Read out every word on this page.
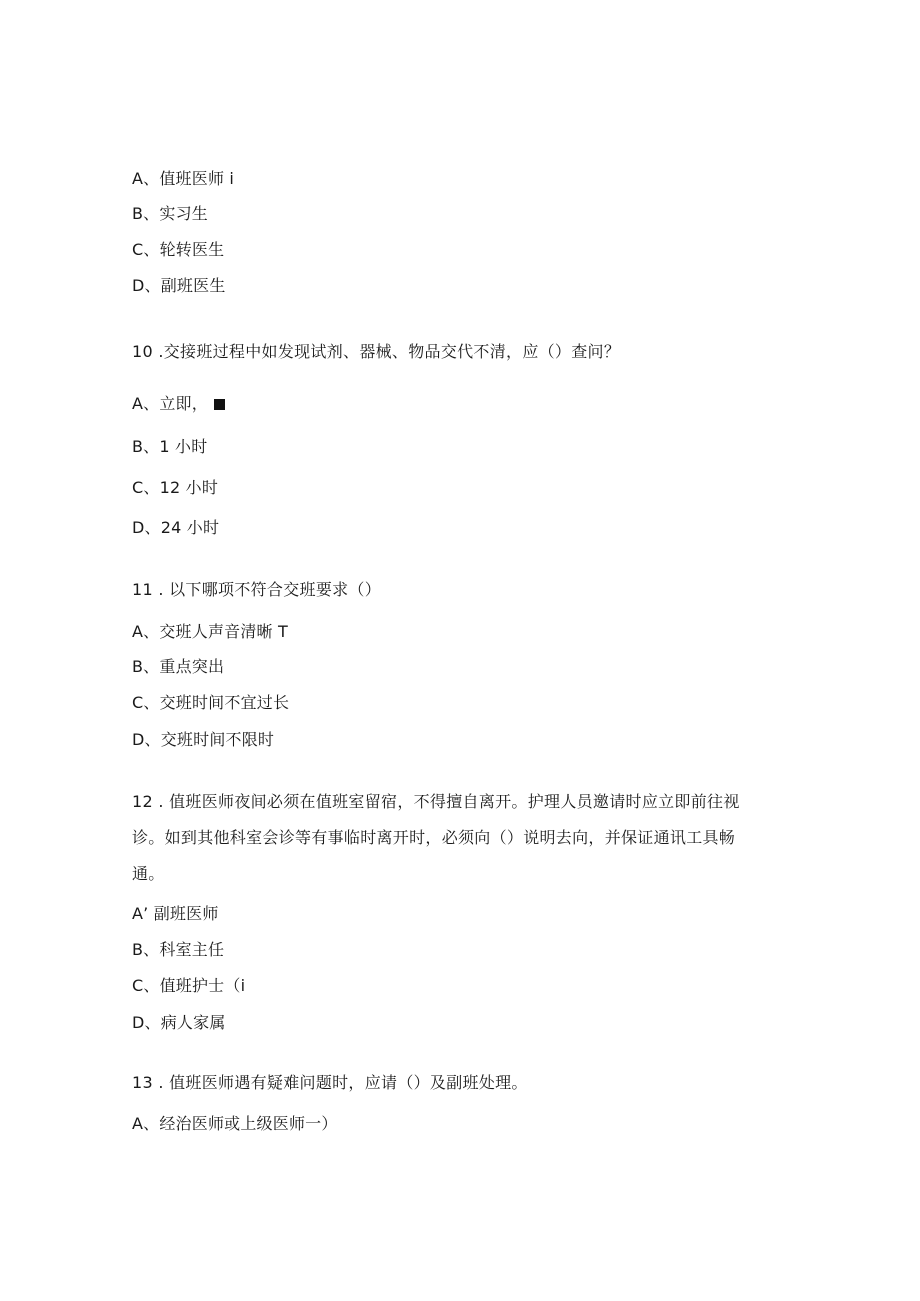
A、值班医师 i
B、实习生
C、轮转医生
D、副班医生
10 .交接班过程中如发现试剂、器械、物品交代不清，应（）查问？
A、立即，
B、1 小时
C、12 小时
D、24 小时
11 . 以下哪项不符合交班要求（）
A、交班人声音清晰 T
B、重点突出
C、交班时间不宜过长
D、交班时间不限时
12 . 值班医师夜间必须在值班室留宿，不得擅自离开。护理人员邀请时应立即前往视
诊。如到其他科室会诊等有事临时离开时，必须向（）说明去向，并保证通讯工具畅
通。
A’ 副班医师
B、科室主任
C、值班护士（i
D、病人家属
13 . 值班医师遇有疑难问题时，应请（）及副班处理。
A、经治医师或上级医师一）
